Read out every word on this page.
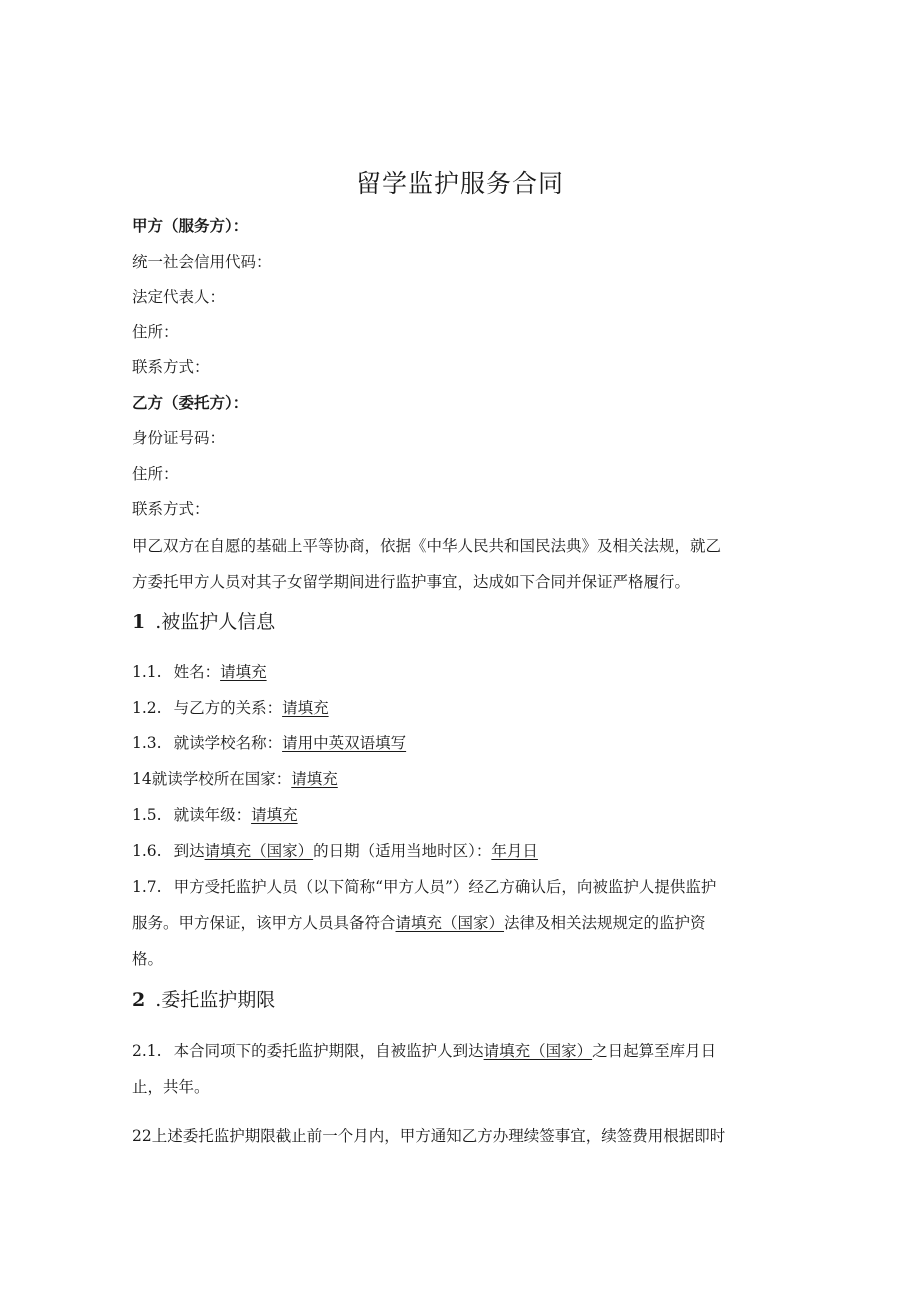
留学监护服务合同
甲方（服务方）：
统一社会信用代码：
法定代表人：
住所：
联系方式：
乙方（委托方）：
身份证号码：
住所：
联系方式：
甲乙双方在自愿的基础上平等协商，依据《中华人民共和国民法典》及相关法规，就乙
方委托甲方人员对其子女留学期间进行监护事宜，达成如下合同并保证严格履行。
1 .被监护人信息
1.1. 姓名：请填充
1.2. 与乙方的关系：请填充
1.3. 就读学校名称：请用中英双语填写
14就读学校所在国家：请填充
1.5. 就读年级：请填充
1.6. 到达请填充（国家）的日期（适用当地时区）：年月日
1.7. 甲方受托监护人员（以下简称“甲方人员”）经乙方确认后，向被监护人提供监护
服务。甲方保证，该甲方人员具备符合请填充（国家）法律及相关法规规定的监护资
格。
2 .委托监护期限
2.1. 本合同项下的委托监护期限，自被监护人到达请填充（国家）之日起算至库月日
止，共年。
22上述委托监护期限截止前一个月内，甲方通知乙方办理续签事宜，续签费用根据即时
